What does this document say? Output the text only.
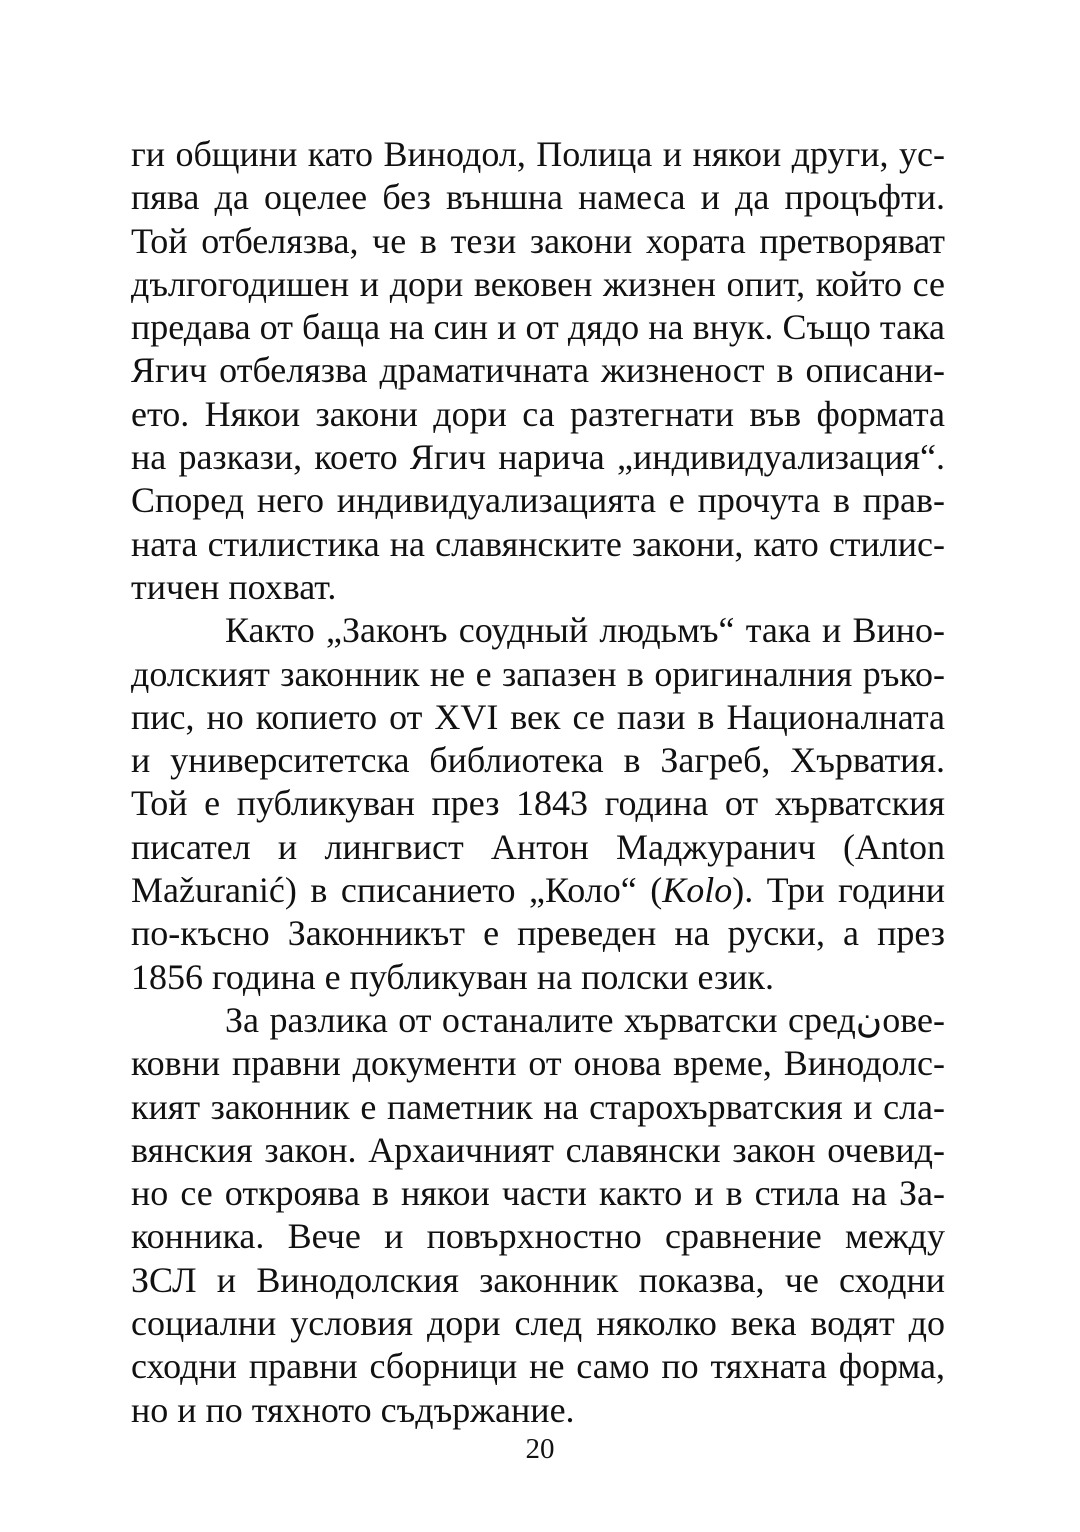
ги общини като Винодол, Полица и някои други, ус-
пява да оцелее без външна намеса и да процъфти.
Той отбелязва, че в тези закони хората претворяват
дългогодишен и дори вековен жизнен опит, който се
предава от баща на син и от дядо на внук. Също така
Ягич отбелязва драматичната жизненост в описани-
ето. Някои закони дори са разтегнати във формата
на разкази, което Ягич нарича „индивидуализация“.
Според него индивидуализацията е прочута в прав-
ната стилистика на славянските закони, като стилис-
тичен похват.
Както „Законъ соудный людьмъ“ така и Вино-
долският законник не е запазен в оригиналния ръко-
пис, но копието от XVI век се пази в Националната
и университетска библиотека в Загреб, Хърватия.
Той е публикуван през 1843 година от хърватския
писател и лингвист Антон Маджуранич (Anton
Mažuranić) в списанието „Коло“ (Kolo). Три години
по-късно Законникът е преведен на руски, а през
1856 година е публикуван на полски език.
За разлика от останалите хърватски средنове-
ковни правни документи от онова време, Винодолс-
кият законник е паметник на старохърватския и сла-
вянския закон. Архаичният славянски закон очевид-
но се откроява в някои части както и в стила на За-
конника. Вече и повърхностно сравнение между
ЗСЛ и Винодолския законник показва, че сходни
социални условия дори след няколко века водят до
сходни правни сборници не само по тяхната форма,
но и по тяхното съдържание.
20
